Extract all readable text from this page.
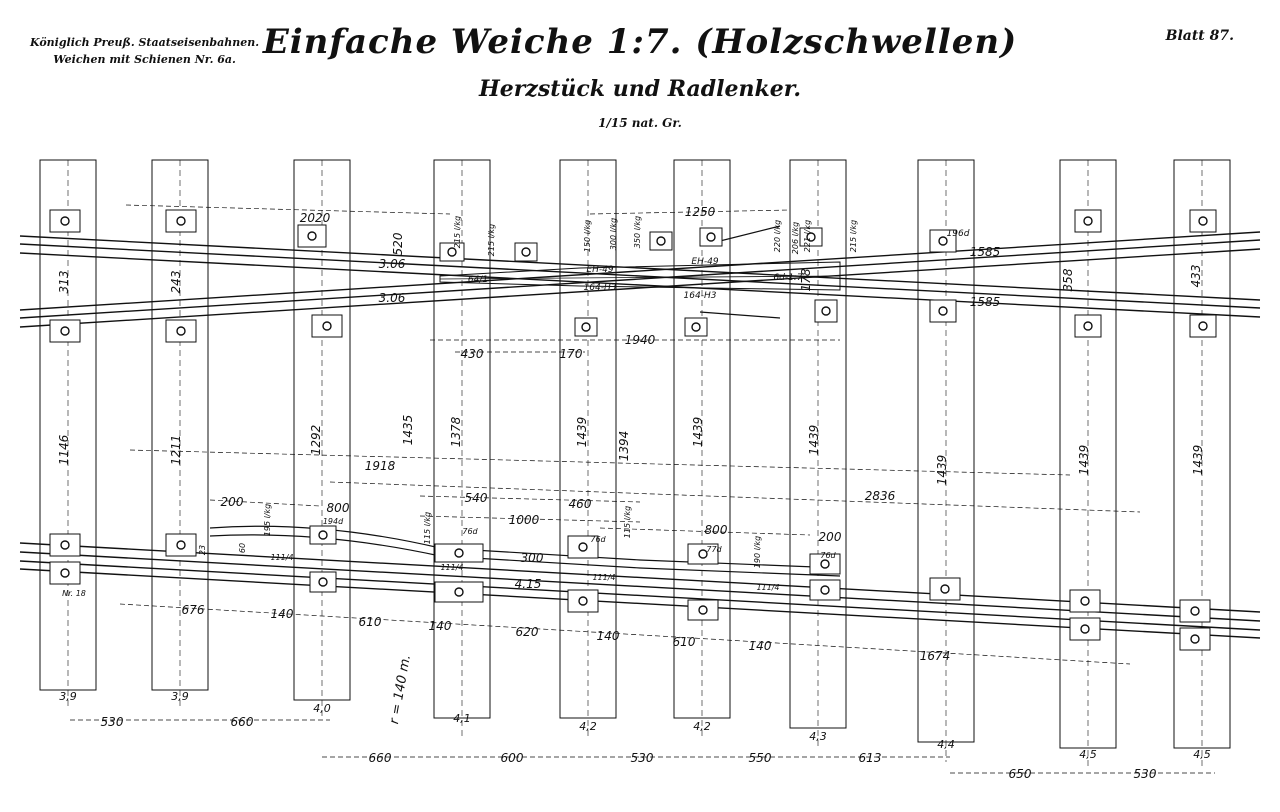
Königlich Preuß. Staatseisenbahnen.
Weichen mit Schienen Nr. 6a. Einfache Weiche 1:7. (Holzschwellen)
Herzstück und Radlenker.
1/15 nat. Gr.
Blatt 87.
2020	1250
520
3.06
3.06
1585
1585
313	243	358	433
178
430	170
1940
EH-49
EH-49
164-H3
164-H3
64/1	6d-1:7
196d
215 l/kg	215 l/kg	150 l/kg 300 l/kg 350 l/kg	220 l/kg 206 l/kg 221 l/kg	215 l/kg
1146	1211	1292	1435	1378	1439 1394	1439	1439
1439	1439	1439
1918
2836
200	800
540	460
1000
800	200
300
4.15
195 l/kg	194d
111/4
111/4
115 l/kg	76d
111/4
76d
115 l/kg
77d	190 l/kg
111/4
76d
Nr. 18
60
23
676	140
610	140	620	140	610	140
1674
r = 140 m.
3,9	3,9
4,0
4,1
4,2	4,2
4,3
4,4
4,5	4,5
530	660
660	600	530	550	613
650	530
